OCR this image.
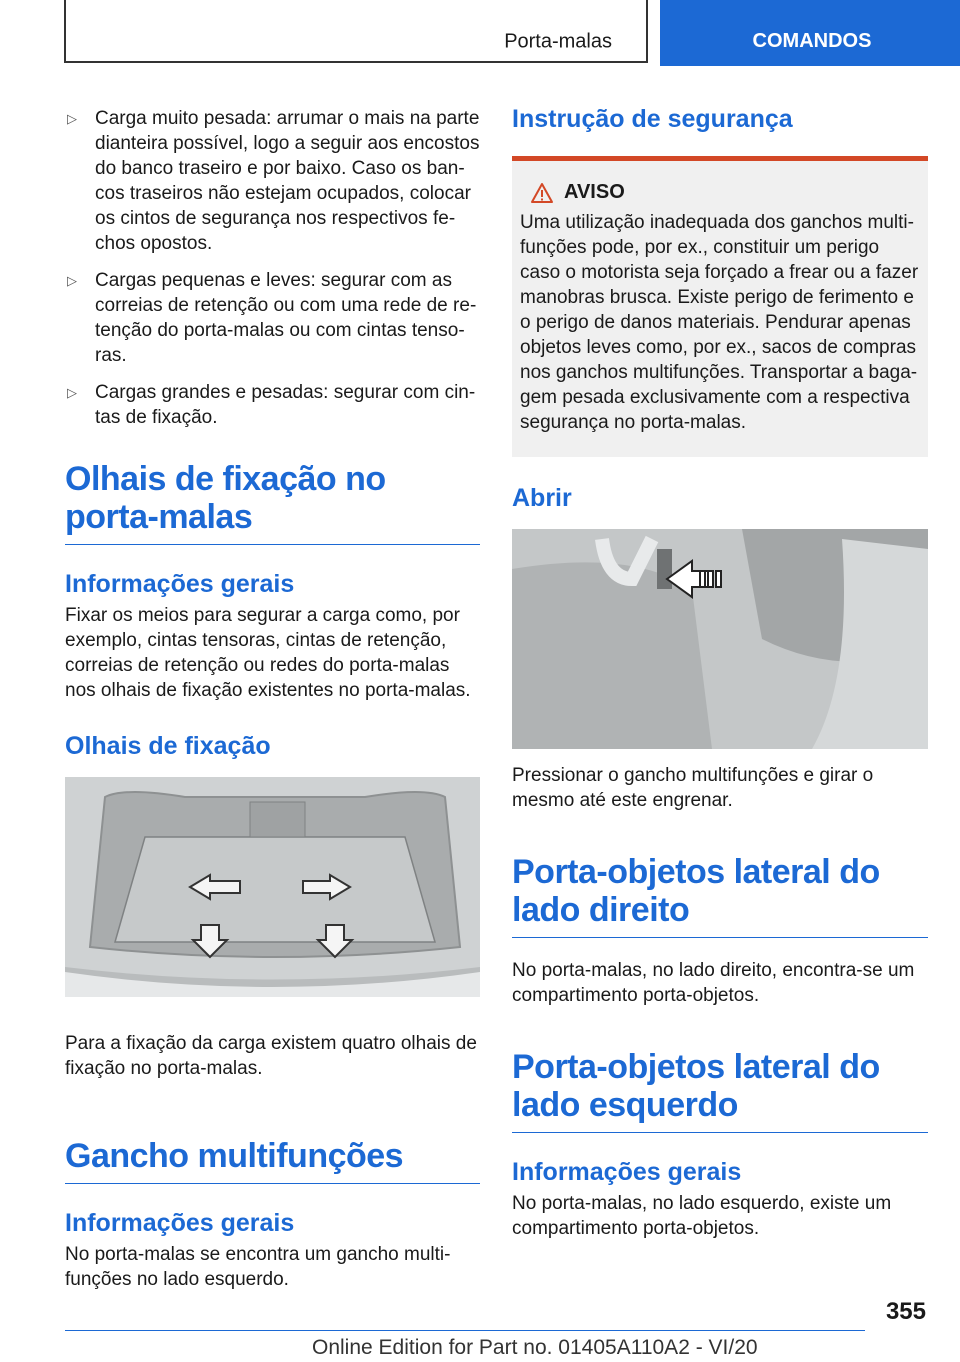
Porta-malas	COMANDOS
▷ Carga muito pesada: arrumar o mais na parte dianteira possível, logo a seguir aos encostos do banco traseiro e por baixo. Caso os bancos traseiros não estejam ocupados, colocar os cintos de segurança nos respectivos fechos opostos.
▷ Cargas pequenas e leves: segurar com as correias de retenção ou com uma rede de retenção do porta-malas ou com cintas tensoras.
▷ Cargas grandes e pesadas: segurar com cintas de fixação.
Olhais de fixação no porta-malas
Informações gerais

Fixar os meios para segurar a carga como, por exemplo, cintas tensoras, cintas de retenção, correias de retenção ou redes do porta-malas nos olhais de fixação existentes no porta-malas.

Olhais de fixação

Para a fixação da carga existem quatro olhais de fixação no porta-malas.

Gancho multifunções
Informações gerais

No porta-malas se encontra um gancho multifunções no lado esquerdo.

Instrução de segurança
AVISO

Uma utilização inadequada dos ganchos multifunções pode, por ex., constituir um perigo caso o motorista seja forçado a frear ou a fazer manobras brusca. Existe perigo de ferimento e o perigo de danos materiais. Pendurar apenas objetos leves como, por ex., sacos de compras nos ganchos multifunções. Transportar a bagagem pesada exclusivamente com a respectiva segurança no porta-malas.

Abrir

Pressionar o gancho multifunções e girar o mesmo até este engrenar.

Porta-objetos lateral do lado direito

No porta-malas, no lado direito, encontra-se um compartimento porta-objetos.

Porta-objetos lateral do lado esquerdo
Informações gerais

No porta-malas, no lado esquerdo, existe um compartimento porta-objetos.

355
Online Edition for Part no. 01405A110A2 - VI/20
